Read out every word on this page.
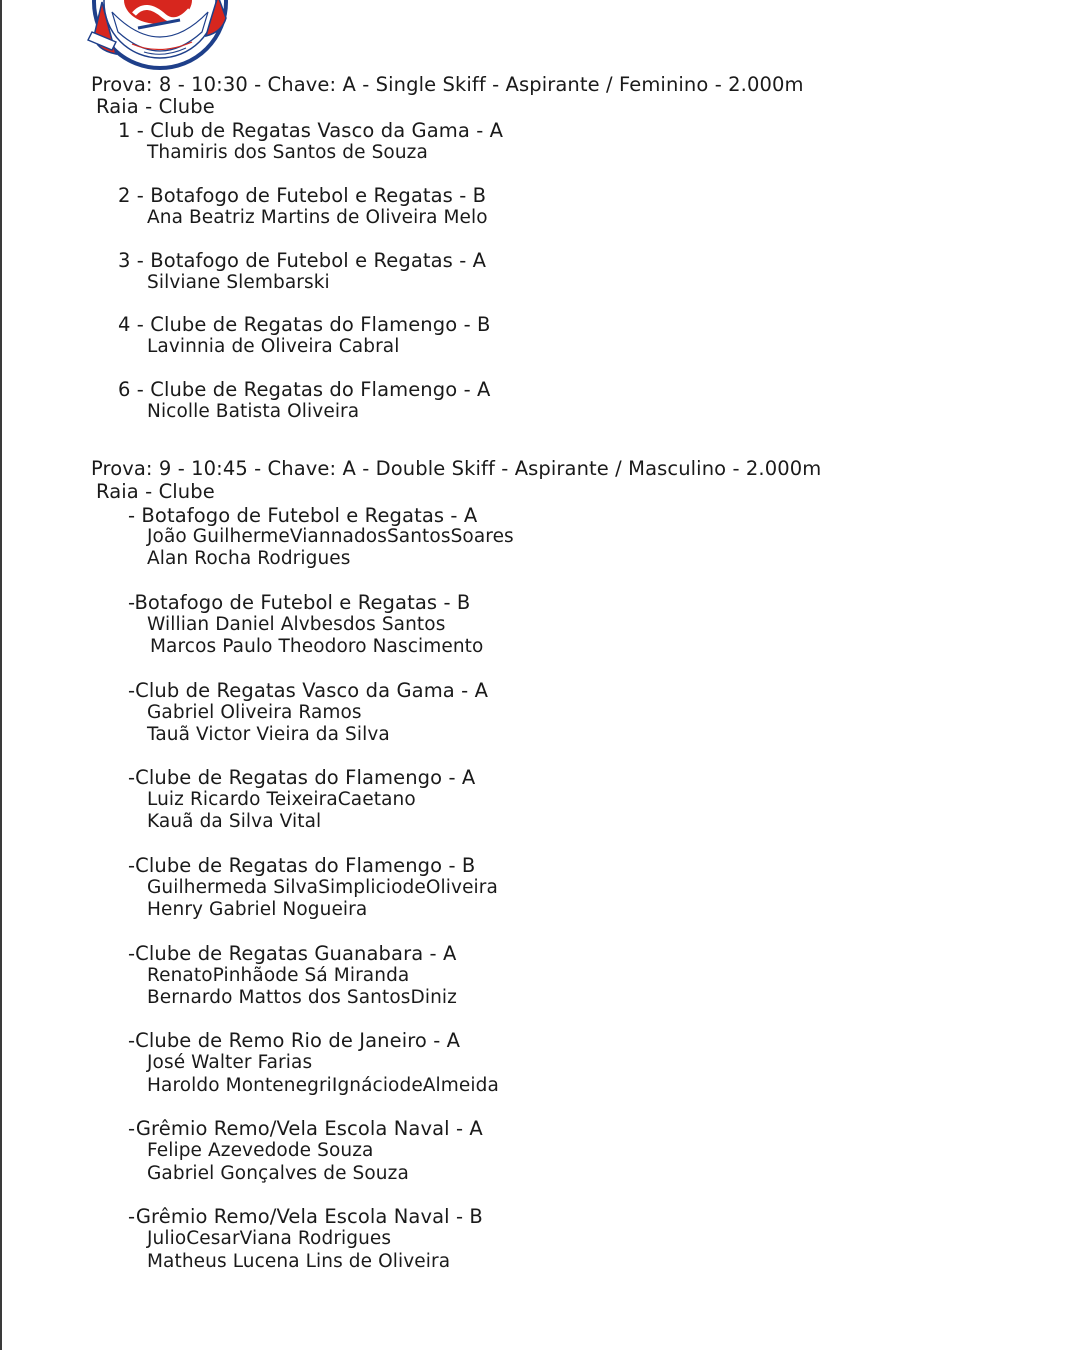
Prova: 8 - 10:30 - Chave: A - Single Skiff - Aspirante / Feminino - 2.000m
Raia - Clube
1 - Club de Regatas Vasco da Gama - A
Thamiris dos Santos de Souza
2 - Botafogo de Futebol e Regatas - B
Ana Beatriz Martins de Oliveira Melo
3 - Botafogo de Futebol e Regatas - A
Silviane Slembarski
4 - Clube de Regatas do Flamengo - B
Lavinnia de Oliveira Cabral
6 - Clube de Regatas do Flamengo - A
Nicolle Batista Oliveira
Prova: 9 - 10:45 - Chave: A - Double Skiff - Aspirante / Masculino - 2.000m
Raia - Clube
- Botafogo de Futebol e Regatas - A
João GuilhermeViannadosSantosSoares
Alan Rocha Rodrigues
-Botafogo de Futebol e Regatas - B
Willian Daniel Alvbesdos Santos
Marcos Paulo Theodoro Nascimento
-Club de Regatas Vasco da Gama - A
Gabriel Oliveira Ramos
Tauã Victor Vieira da Silva
-Clube de Regatas do Flamengo - A
Luiz Ricardo TeixeiraCaetano
Kauã da Silva Vital
-Clube de Regatas do Flamengo - B
Guilhermeda SilvaSimpliciodeOliveira
Henry Gabriel Nogueira
-Clube de Regatas Guanabara - A
RenatoPinhãode Sá Miranda
Bernardo Mattos dos SantosDiniz
-Clube de Remo Rio de Janeiro - A
José Walter Farias
Haroldo MontenegriIgnáciodeAlmeida
-Grêmio Remo/Vela Escola Naval - A
Felipe Azevedode Souza
Gabriel Gonçalves de Souza
-Grêmio Remo/Vela Escola Naval - B
JulioCesarViana Rodrigues
Matheus Lucena Lins de Oliveira
